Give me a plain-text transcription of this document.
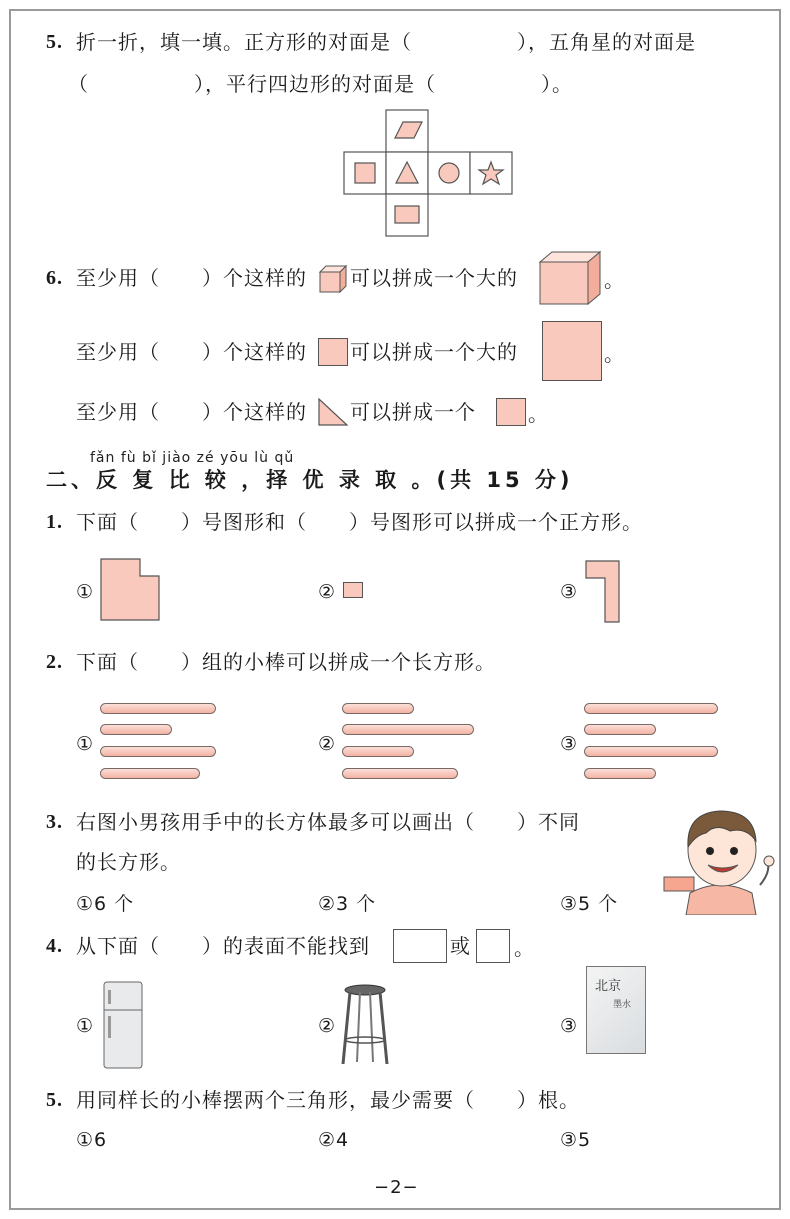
5. 折一折，填一填。正方形的对面是（　　　　　），五角星的对面是
（　　　　　），平行四边形的对面是（　　　　　）。
6. 至少用（　　）个这样的 可以拼成一个大的	。
至少用（　　）个这样的 可以拼成一个大的	。
至少用（　　）个这样的 可以拼成一个	。
fǎn fù bǐ jiào zé yōu lù qǔ
二、反 复 比 较 ，择 优 录 取 。(共 15 分)
1. 下面（　　）号图形和（　　）号图形可以拼成一个正方形。
①	②	③
2. 下面（　　）组的小棒可以拼成一个长方形。
①	②	③
3. 右图小男孩用手中的长方体最多可以画出（　　）不同
的长方形。
①6 个	②3 个	③5 个
4. 从下面（　　）的表面不能找到	或 。
①	②	③
北京
墨水
5. 用同样长的小棒摆两个三角形，最少需要（　　）根。
①6	②4	③5
−2−
